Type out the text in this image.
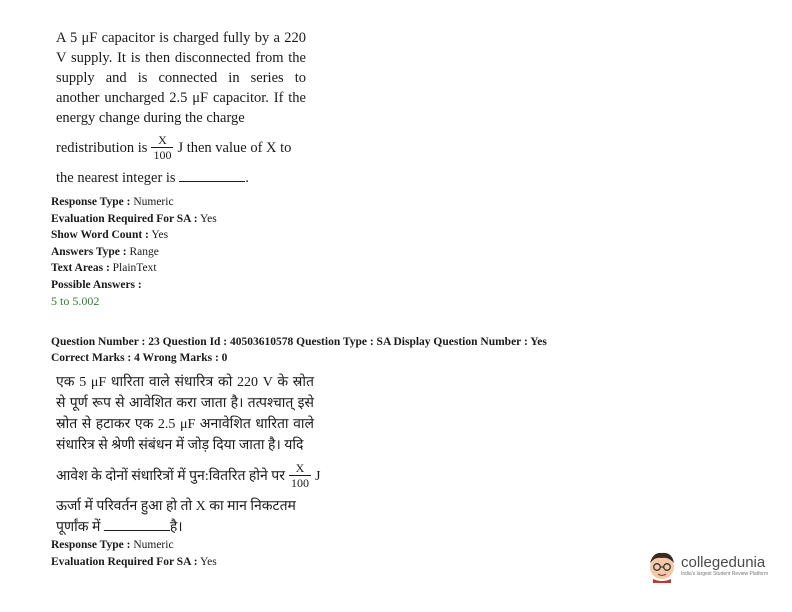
A 5 μF capacitor is charged fully by a 220 V supply. It is then disconnected from the supply and is connected in series to another uncharged 2.5 μF capacitor. If the energy change during the charge
redistribution is $\frac{X}{100}$ J then value of X to
the nearest integer is	.
Response Type : Numeric
Evaluation Required For SA : Yes
Show Word Count : Yes
Answers Type : Range
Text Areas : PlainText
Possible Answers :
5 to 5.002
Question Number : 23 Question Id : 40503610578 Question Type : SA Display Question Number : Yes
Correct Marks : 4 Wrong Marks : 0
एक 5 μF धारिता वाले संधारित्र को 220 V के स्रोत से पूर्ण रूप से आवेशित करा जाता है। तत्पश्चात् इसे स्रोत से हटाकर एक 2.5 μF अनावेशित धारिता वाले संधारित्र से श्रेणी संबंधन में जोड़ दिया जाता है। यदि
आवेश के दोनों संधारित्रों में पुन:वितरित होने पर $\frac{X}{100}$ J
ऊर्जा में परिवर्तन हुआ हो तो X का मान निकटतम
पूर्णांक में	है।
Response Type : Numeric
Evaluation Required For SA : Yes	collegedunia
India's largest Student Review Platform
